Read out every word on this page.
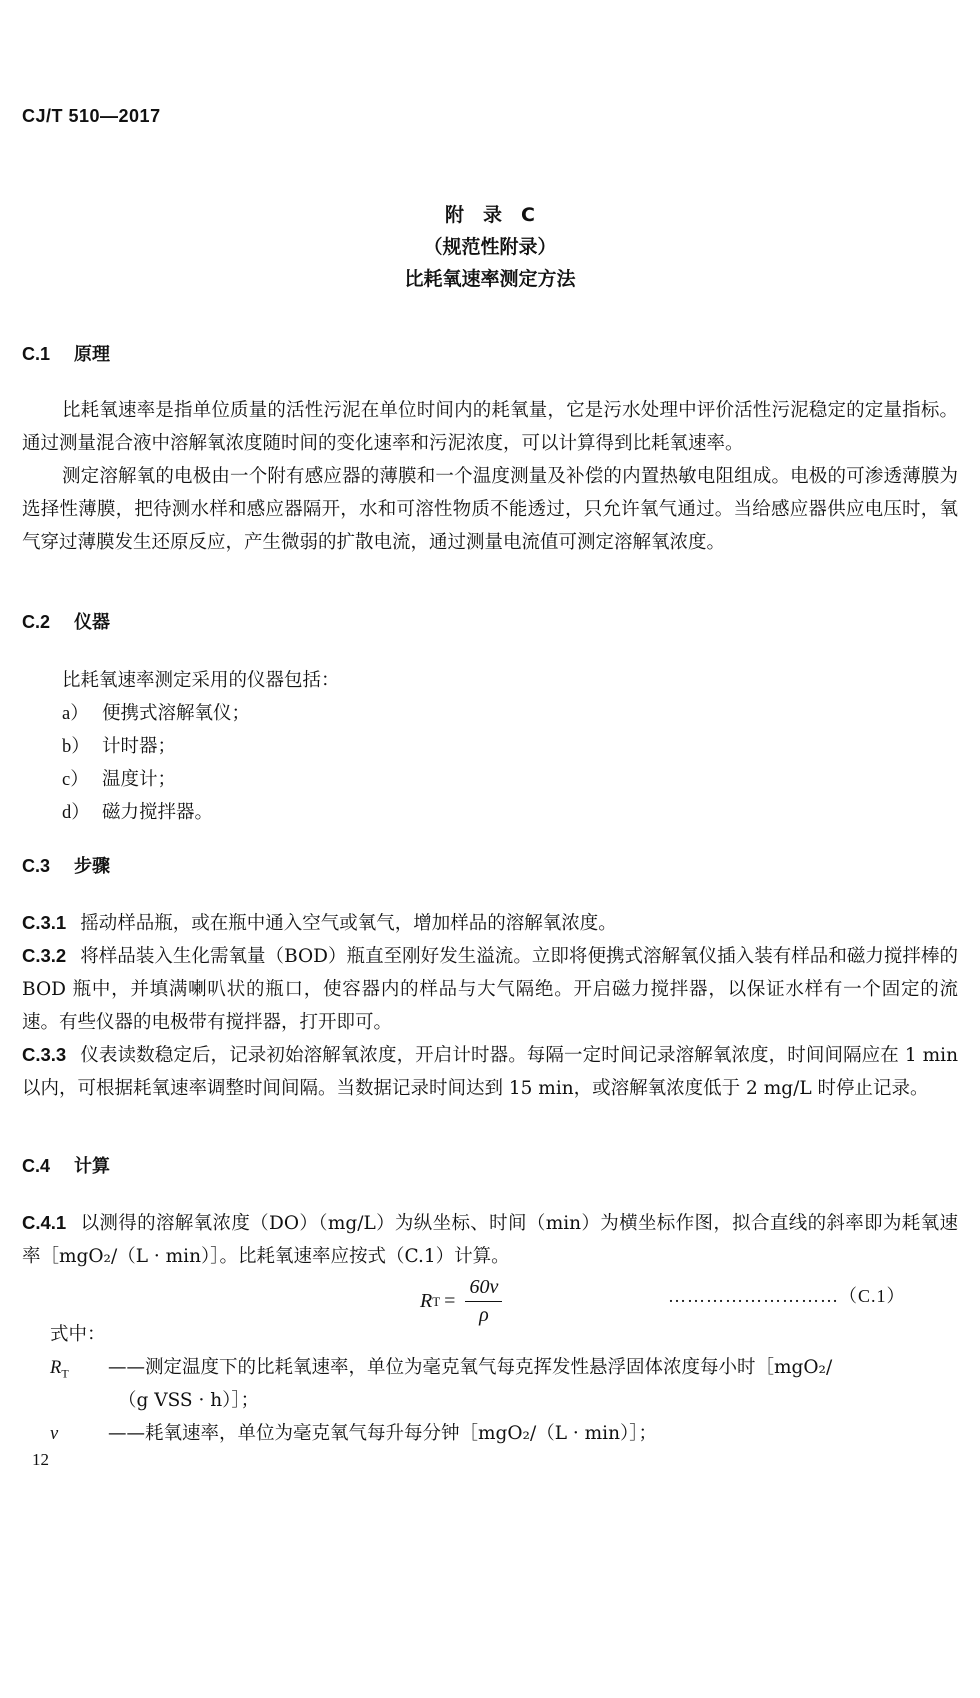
CJ/T 510—2017
附　录　C
（规范性附录）
比耗氧速率测定方法
C.1 原理
比耗氧速率是指单位质量的活性污泥在单位时间内的耗氧量，它是污水处理中评价活性污泥稳定的定量指标。通过测量混合液中溶解氧浓度随时间的变化速率和污泥浓度，可以计算得到比耗氧速率。
测定溶解氧的电极由一个附有感应器的薄膜和一个温度测量及补偿的内置热敏电阻组成。电极的可渗透薄膜为选择性薄膜，把待测水样和感应器隔开，水和可溶性物质不能透过，只允许氧气通过。当给感应器供应电压时，氧气穿过薄膜发生还原反应，产生微弱的扩散电流，通过测量电流值可测定溶解氧浓度。
C.2 仪器
比耗氧速率测定采用的仪器包括：
a） 便携式溶解氧仪；
b） 计时器；
c） 温度计；
d） 磁力搅拌器。
C.3 步骤
C.3.1 摇动样品瓶，或在瓶中通入空气或氧气，增加样品的溶解氧浓度。
C.3.2 将样品装入生化需氧量（BOD）瓶直至刚好发生溢流。立即将便携式溶解氧仪插入装有样品和磁力搅拌棒的 BOD 瓶中，并填满喇叭状的瓶口，使容器内的样品与大气隔绝。开启磁力搅拌器，以保证水样有一个固定的流速。有些仪器的电极带有搅拌器，打开即可。
C.3.3 仪表读数稳定后，记录初始溶解氧浓度，开启计时器。每隔一定时间记录溶解氧浓度，时间间隔应在 1 min 以内，可根据耗氧速率调整时间间隔。当数据记录时间达到 15 min，或溶解氧浓度低于 2 mg/L 时停止记录。
C.4 计算
C.4.1 以测得的溶解氧浓度（DO）（mg/L）为纵坐标、时间（min）为横坐标作图，拟合直线的斜率即为耗氧速率［mgO₂/（L · min）］。比耗氧速率应按式（C.1）计算。
R $T = \frac{60v}{\rho}$	………………………（C.1）
式中：
$R_T$ ——测定温度下的比耗氧速率，单位为毫克氧气每克挥发性悬浮固体浓度每小时［mgO₂/
（g VSS · h）］；
v	——耗氧速率，单位为毫克氧气每升每分钟［mgO₂/（L · min）］；
12
